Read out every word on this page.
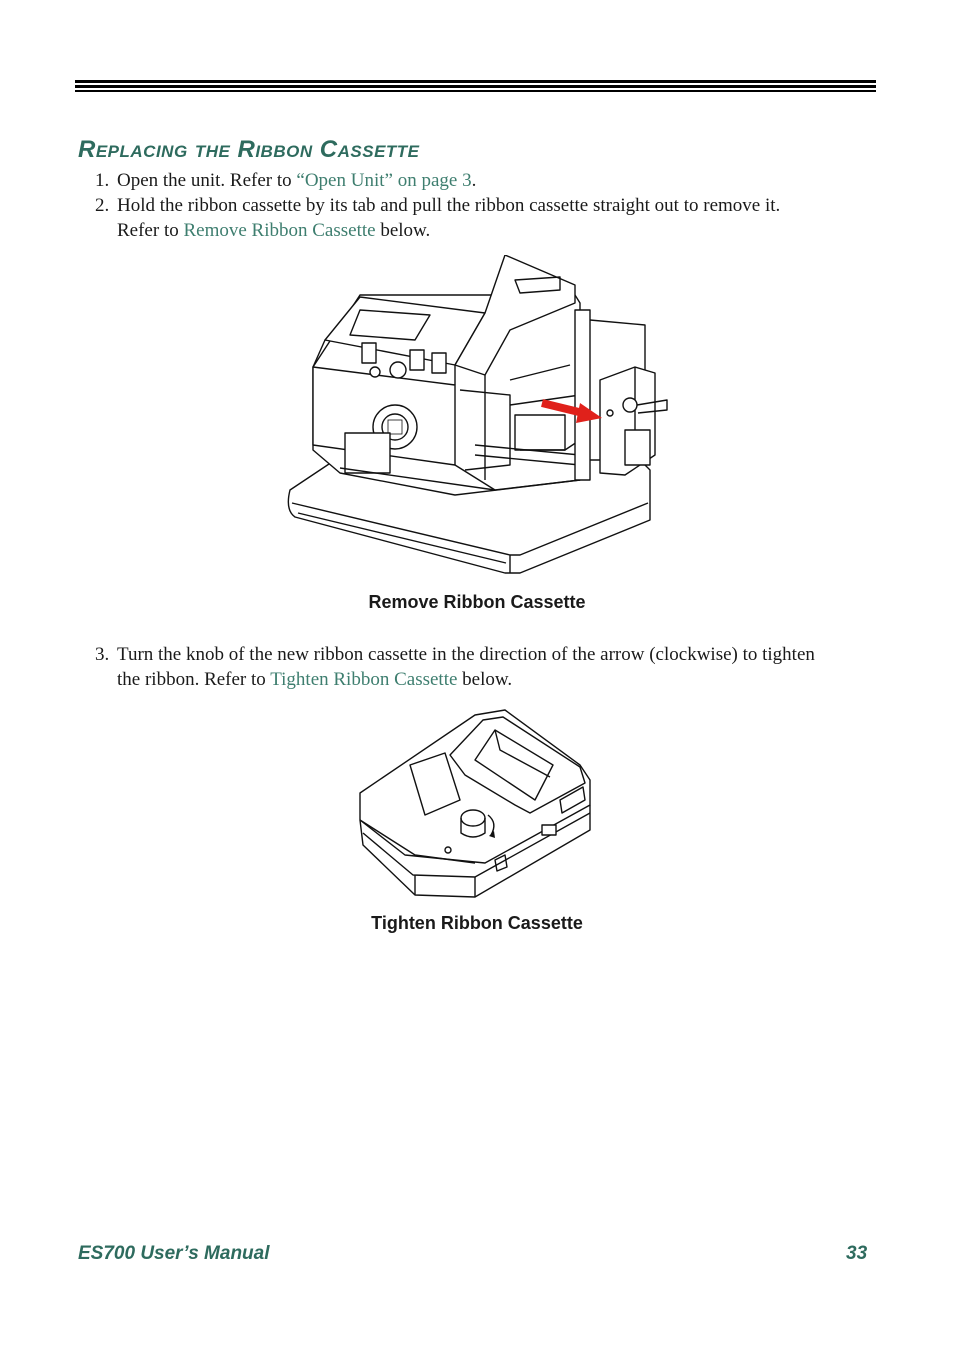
Replacing the Ribbon Cassette
1. Open the unit. Refer to “Open Unit” on page 3.
2. Hold the ribbon cassette by its tab and pull the ribbon cassette straight out to remove it.
Refer to Remove Ribbon Cassette below.
Remove Ribbon Cassette
3. Turn the knob of the new ribbon cassette in the direction of the arrow (clockwise) to tighten
the ribbon. Refer to Tighten Ribbon Cassette below.
Tighten Ribbon Cassette
ES700 User’s Manual	33
